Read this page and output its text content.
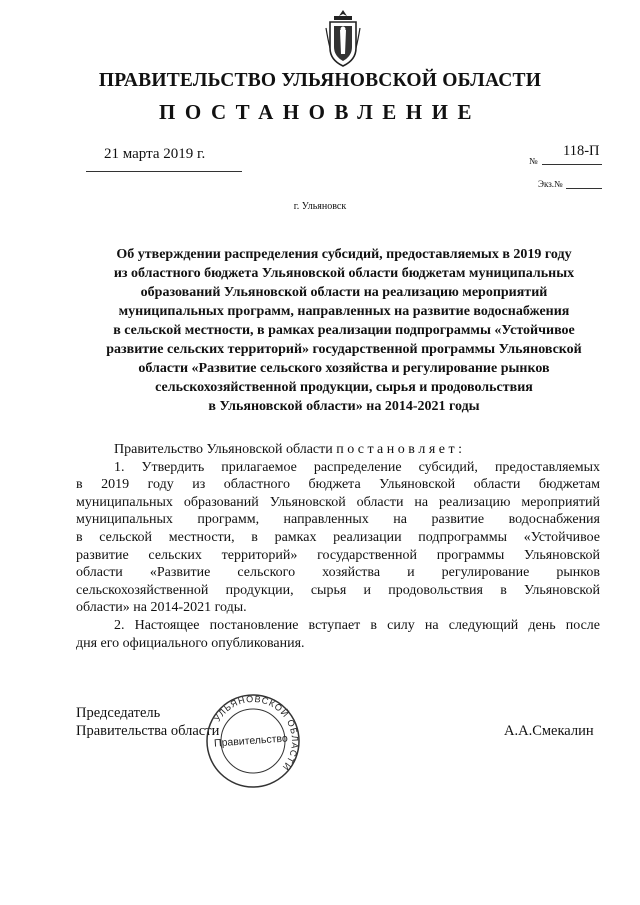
ПРАВИТЕЛЬСТВО УЛЬЯНОВСКОЙ ОБЛАСТИ
ПОСТАНОВЛЕНИЕ
21 марта 2019 г.	№
118-П
Экз.№
г. Ульяновск
Об утверждении распределения субсидий, предоставляемых в 2019 году
из областного бюджета Ульяновской области бюджетам муниципальных
образований Ульяновской области на реализацию мероприятий
муниципальных программ, направленных на развитие водоснабжения
в сельской местности, в рамках реализации подпрограммы «Устойчивое
развитие сельских территорий» государственной программы Ульяновской
области «Развитие сельского хозяйства и регулирование рынков
сельскохозяйственной продукции, сырья и продовольствия
в Ульяновской области» на 2014-2021 годы

Правительство Ульяновской области п о с т а н о в л я е т :

1. Утвердить прилагаемое распределение субсидий, предоставляемых

в 2019 году из областного бюджета Ульяновской области бюджетам

муниципальных образований Ульяновской области на реализацию мероприятий

муниципальных программ, направленных на развитие водоснабжения

в сельской местности, в рамках реализации подпрограммы «Устойчивое

развитие сельских территорий» государственной программы Ульяновской

области «Развитие сельского хозяйства и регулирование рынков

сельскохозяйственной продукции, сырья и продовольствия в Ульяновской

области» на 2014-2021 годы.

2. Настоящее постановление вступает в силу на следующий день после

дня его официального опубликования.

Председатель
Правительства области	А.А.Смекалин
УЛЬЯНОВСКОЙ ОБЛАСТИ
Правительство
